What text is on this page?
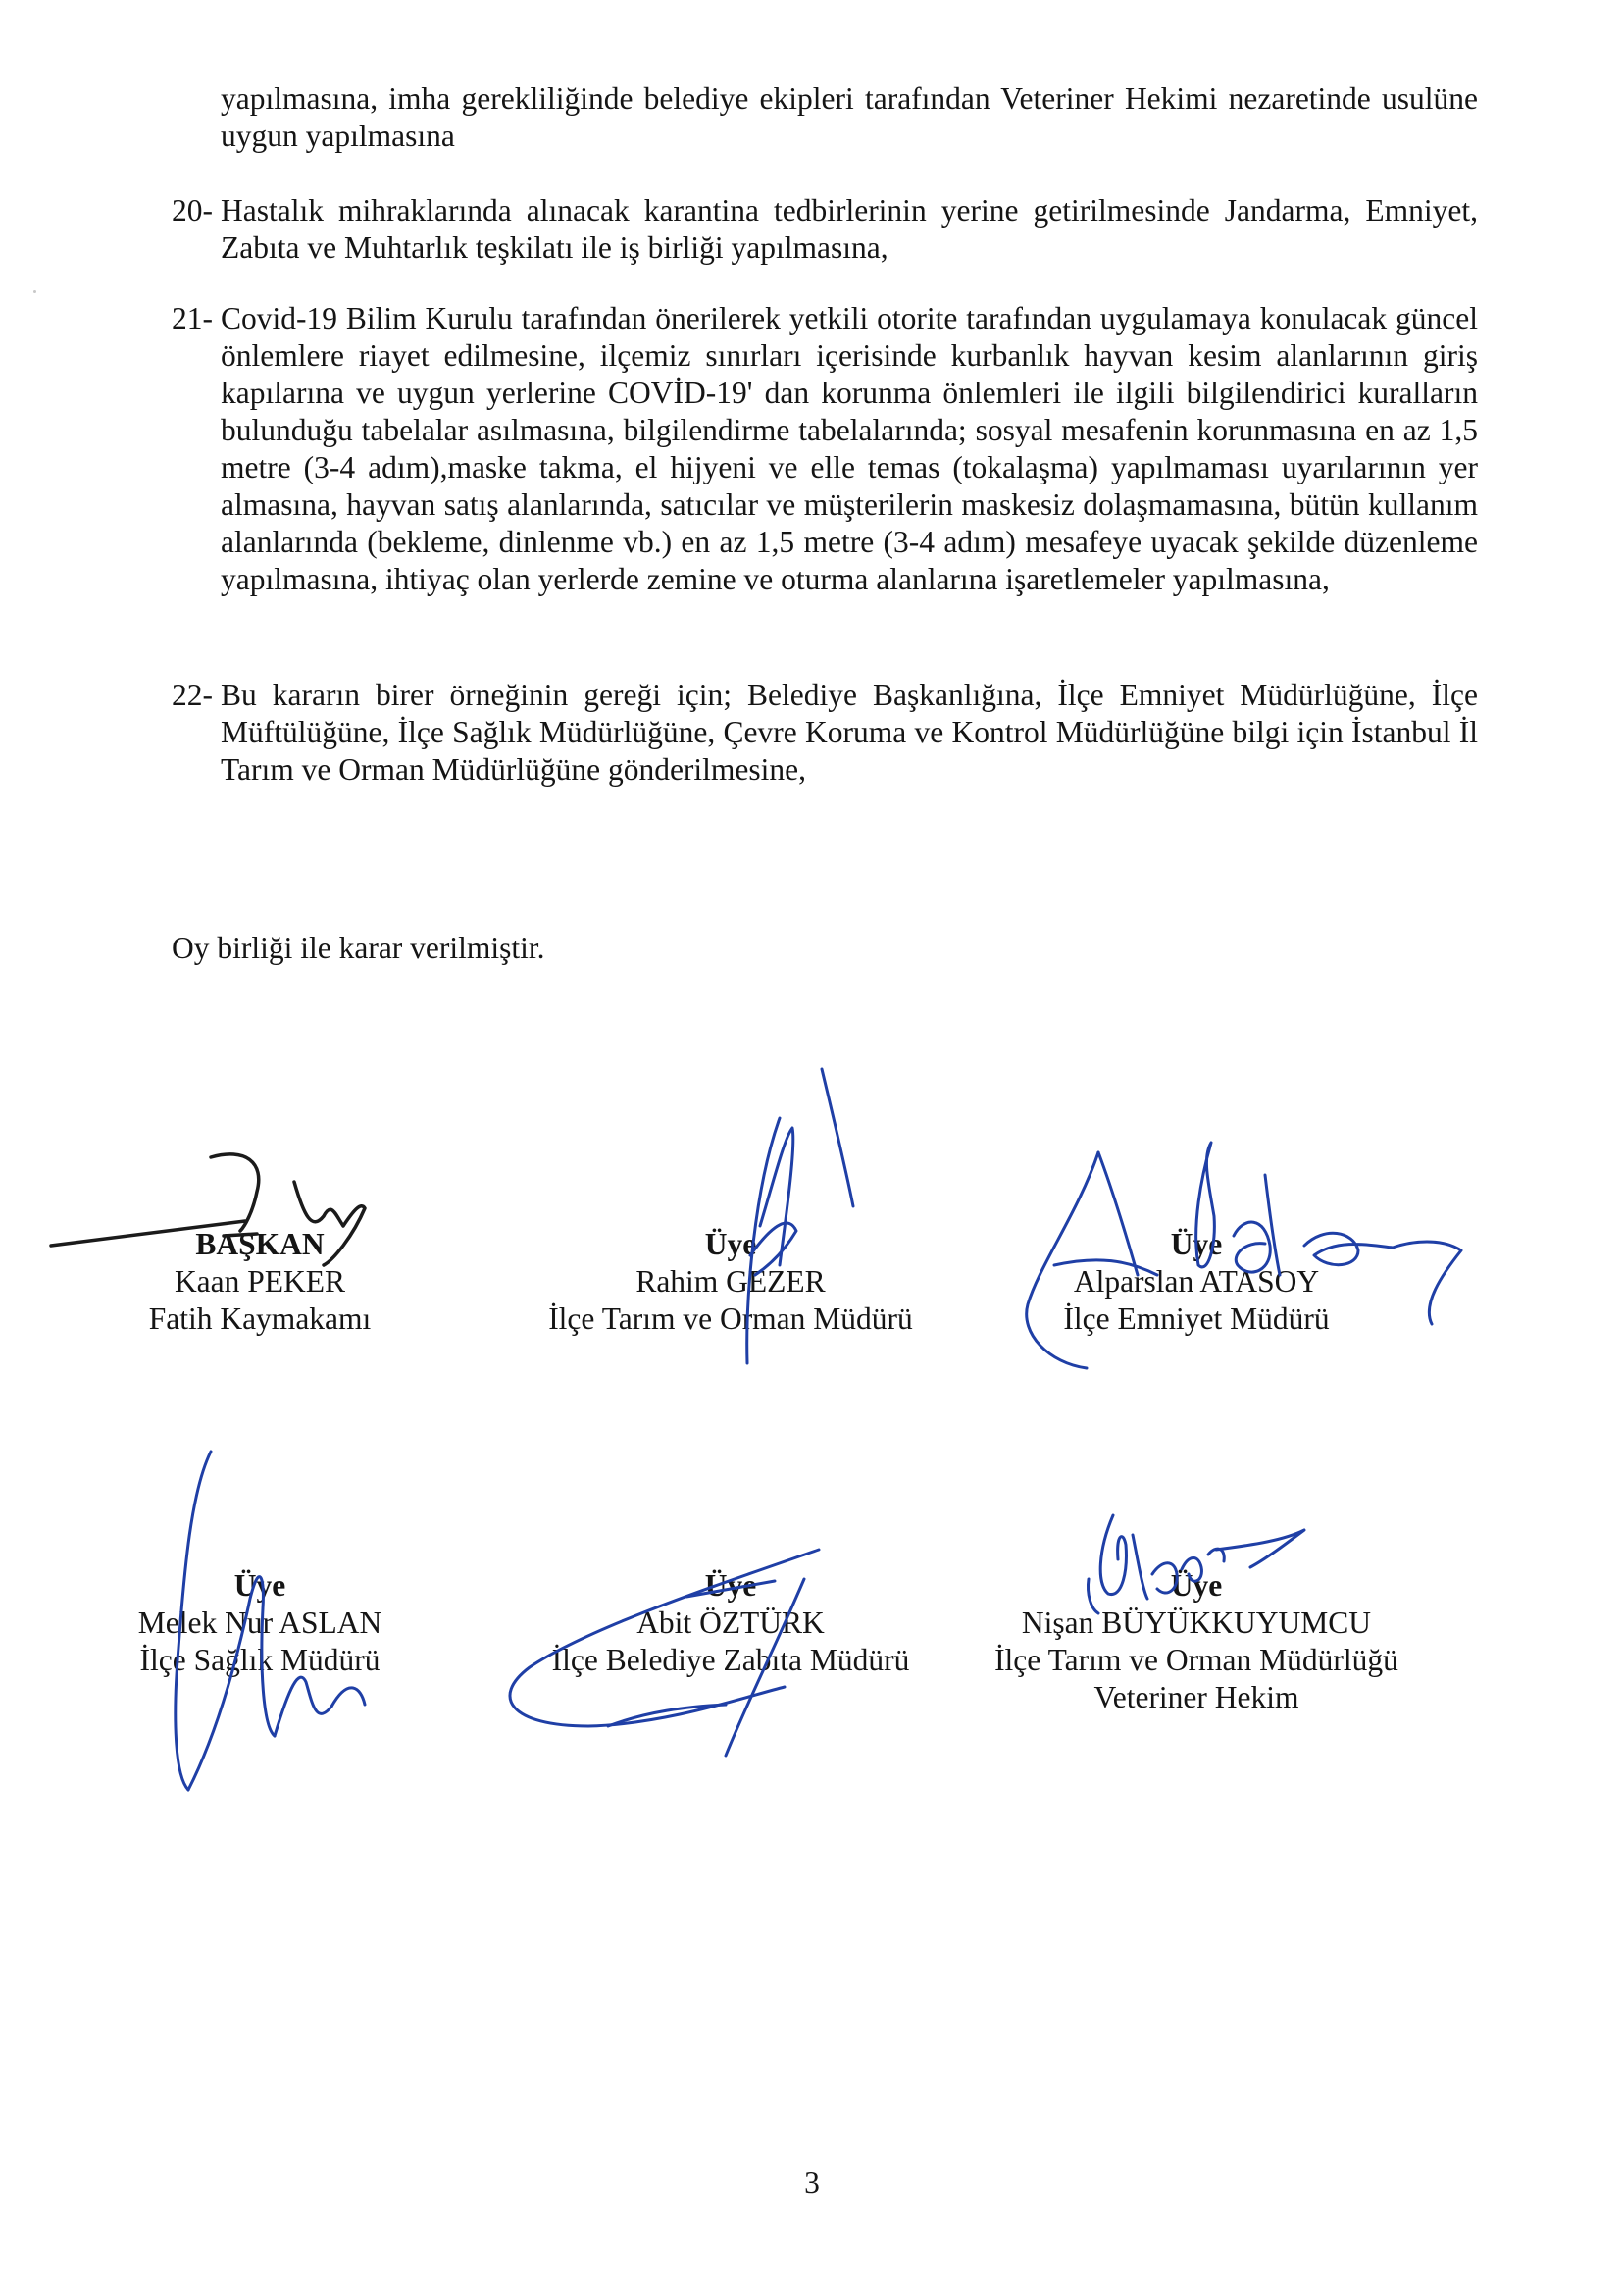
yapılmasına, imha gerekliliğinde belediye ekipleri tarafından Veteriner Hekimi nezaretinde usulüne uygun yapılmasına

20- Hastalık mihraklarında alınacak karantina tedbirlerinin yerine getirilmesinde Jandarma, Emniyet, Zabıta ve Muhtarlık teşkilatı ile iş birliği yapılmasına,
21- Covid-19 Bilim Kurulu tarafından önerilerek yetkili otorite tarafından uygulamaya konulacak güncel önlemlere riayet edilmesine, ilçemiz sınırları içerisinde kurbanlık hayvan kesim alanlarının giriş kapılarına ve uygun yerlerine COVİD-19' dan korunma önlemleri ile ilgili bilgilendirici kuralların bulunduğu tabelalar asılmasına, bilgilendirme tabelalarında; sosyal mesafenin korunmasına en az 1,5 metre (3-4 adım),maske takma, el hijyeni ve elle temas (tokalaşma) yapılmaması uyarılarının yer almasına, hayvan satış alanlarında, satıcılar ve müşterilerin maskesiz dolaşmamasına, bütün kullanım alanlarında (bekleme, dinlenme vb.) en az 1,5 metre (3-4 adım) mesafeye uyacak şekilde düzenleme yapılmasına, ihtiyaç olan yerlerde zemine ve oturma alanlarına işaretlemeler yapılmasına,
22- Bu kararın birer örneğinin gereği için; Belediye Başkanlığına, İlçe Emniyet Müdürlüğüne, İlçe Müftülüğüne, İlçe Sağlık Müdürlüğüne, Çevre Koruma ve Kontrol Müdürlüğüne bilgi için İstanbul İl Tarım ve Orman Müdürlüğüne gönderilmesine,
Oy birliği ile karar verilmiştir.
BAŞKAN
Kaan PEKER
Fatih Kaymakamı
Üye
Rahim GEZER
İlçe Tarım ve Orman Müdürü
Üye
Alparslan ATASOY
İlçe Emniyet Müdürü
Üye
Melek Nur ASLAN
İlçe Sağlık Müdürü
Üye
Abit ÖZTÜRK
İlçe Belediye Zabıta Müdürü
Üye
Nişan BÜYÜKKUYUMCU
İlçe Tarım ve Orman Müdürlüğü
Veteriner Hekim
3
